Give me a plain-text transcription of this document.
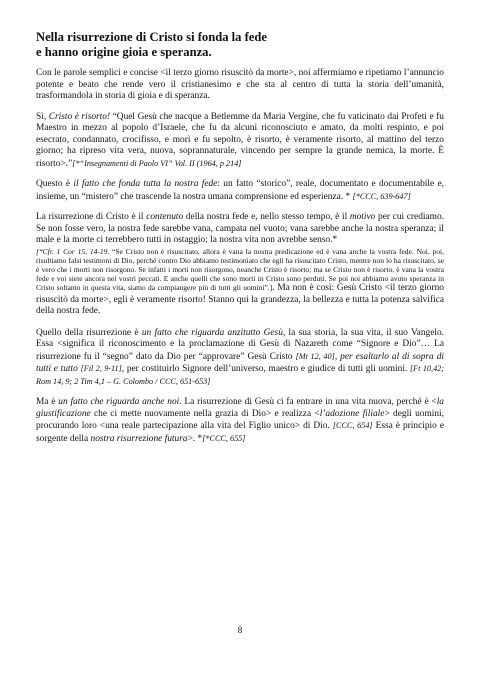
Nella risurrezione di Cristo si fonda la fede
e hanno origine gioia e speranza.

Con le parole semplici e concise <il terzo giorno risuscitò da morte>, noi affermiamo e ripetiamo l’annuncio potente e beato che rende vero il cristianesimo e che sta al centro di tutta la storia dell’umanità, trasformandola in storia di gioia e di speranza.

Sì, Cristo è risorto! “Quel Gesù che nacque a Betlemme da Maria Vergine, che fu vaticinato dai Profeti e fu Maestro in mezzo al popolo d’Israele, che fu da alcuni riconosciuto e amato, da molti respinto, e poi esecrato, condannato, crocifisso, e morì e fu sepolto, è risorto, è veramente risorto, al mattino del terzo giorno; ha ripreso vita vera, nuova, soprannaturale, vincendo per sempre la grande nemica, la morte. È risorto>.”[*“Insegnamenti di Paolo VI” Vol. II (1964, p 214]

Questo è il fatto che fonda tutta la nostra fede: un fatto “storico”, reale, documentato e documentabile e, insieme, un “mistero” che trascende la nostra umana comprensione ed esperienza. * [*CCC, 639-647]

La risurrezione di Cristo è il contenuto della nostra fede e, nello stesso tempo, è il motivo per cui crediamo. Se non fosse vero, la nostra fede sarebbe vana, campata nel vuoto; vana sarebbe anche la nostra speranza; il male e la morte ci terrebbero tutti in ostaggio; la nostra vita non avrebbe senso.*

[*Cfr. 1 Cor 15, 14-19. “Se Cristo non è risuscitato, allora è vana la nostra predicazione ed è vana anche la vostra fede. Noi, poi, risultiamo falsi testimoni di Dio, perché contro Dio abbiamo testimoniato che egli ha risuscitato Cristo, mentre non lo ha risuscitato, se è vero che i morti non risorgono. Se infatti i morti non risorgono, neanche Cristo è risorto; ma se Cristo non è risorto, è vana la vostra fede e voi siete ancora nei vostri peccati. E anche quelli che sono morti in Cristo sono perduti. Se poi noi abbiamo avuto speranza in Cristo soltanto in questa vita, siamo da compiangere più di tutti gli uomini”.]. Ma non è così: Gesù Cristo <il terzo giorno risuscitò da morte>, egli è veramente risorto! Stanno qui la grandezza, la bellezza e tutta la potenza salvifica della nostra fede.

Quello della risurrezione è un fatto che riguarda anzitutto Gesù, la sua storia, la sua vita, il suo Vangelo. Essa <significa il riconoscimento e la proclamazione di Gesù di Nazareth come “Signore e Dio”… La risurrezione fu il “segno” dato da Dio per “approvare” Gesù Cristo [Mt 12, 40], per esaltarlo al di sopra di tutti e tutto [Fil 2, 9-11], per costituirlo Signore dell’universo, maestro e giudice di tutti gli uomini. [Ft 10,42; Rom 14, 9; 2 Tim 4,1 – G. Colombo / CCC, 651-653]

Ma è un fatto che riguarda anche noi. La risurrezione di Gesù ci fa entrare in una vita nuova, perché è <la giustificazione che ci mette nuovamente nella grazia di Dio> e realizza <l’adozione filiale> degli uomini, procurando loro <una reale partecipazione alla vita del Figlio unico> di Dio. [CCC, 654] Essa è principio e sorgente della nostra risurrezione futura>. *[*CCC, 655]

8
